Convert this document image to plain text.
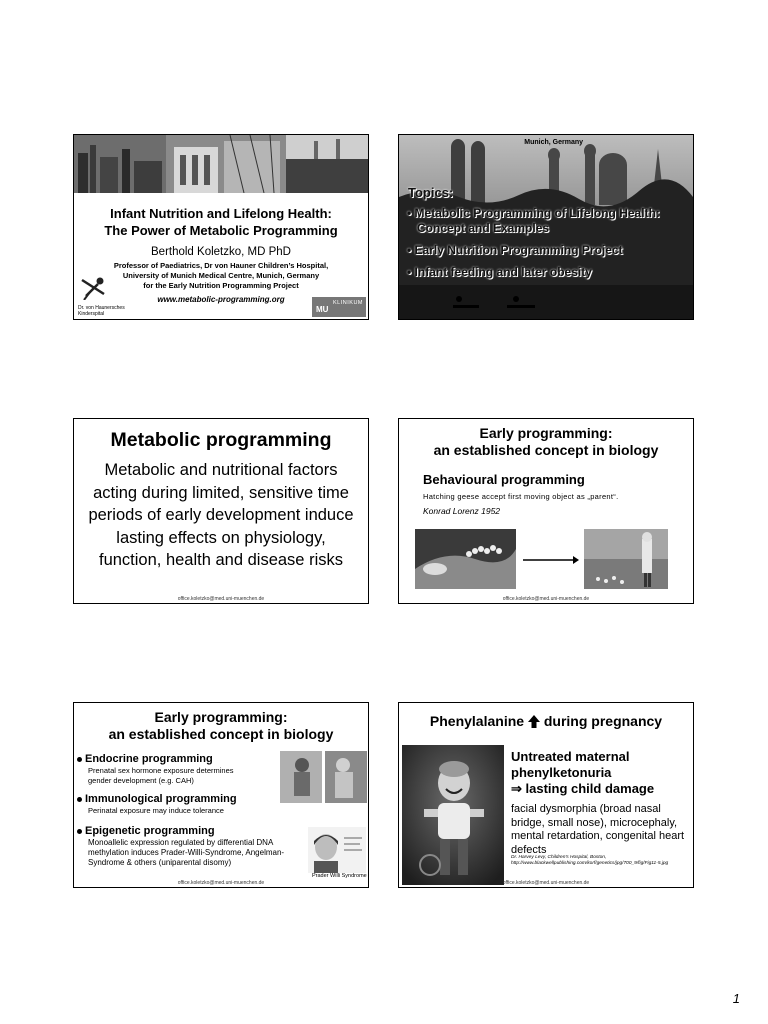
Infant Nutrition and Lifelong Health:
The Power of Metabolic Programming
Berthold Koletzko, MD PhD
Professor of Paediatrics, Dr von Hauner Children’s Hospital,
University of Munich Medical Centre, Munich, Germany
for the Early Nutrition Programming Project
www.metabolic-programming.org
Dr. von Haunersches Kinderspital	MU
KLINIKUM
Munich, Germany
Topics:
• Metabolic Programming of Lifelong Health: Concept and Examples
• Early Nutrition Programming Project
• Infant feeding and later obesity
Metabolic programming
Metabolic and nutritional factors acting during limited, sensitive time periods of early development induce lasting effects on physiology, function, health and disease risks
office.koletzko@med.uni-muenchen.de
Early programming:
an established concept in biology
Behavioural programming
Hatching geese accept first moving object as „parent“.
Konrad Lorenz 1952
office.koletzko@med.uni-muenchen.de
Early programming:
an established concept in biology
Endocrine programming
Prenatal sex hormone exposure determines gender development (e.g. CAH)
Immunological programming
Perinatal exposure may induce tolerance
Epigenetic programming
Monoallelic expression regulated by differential DNA methylation induces Prader-Willi-Syndrome, Angelman-Syndrome & others (uniparental disomy)
Prader Willi Syndrome
office.koletzko@med.uni-muenchen.de
Phenylalanine during pregnancy
Untreated maternal
phenylketonuria
⇒ lasting child damage
facial dysmorphia (broad nasal bridge, small nose), microcephaly, mental retardation, congenital heart defects
Dr. Harvey Levy, Children's Hospital, Boston,
http://www.blackwellpublishing.com/korf/genetics/jpg/700_9/fig/Fig11-5.jpg
office.koletzko@med.uni-muenchen.de
1
